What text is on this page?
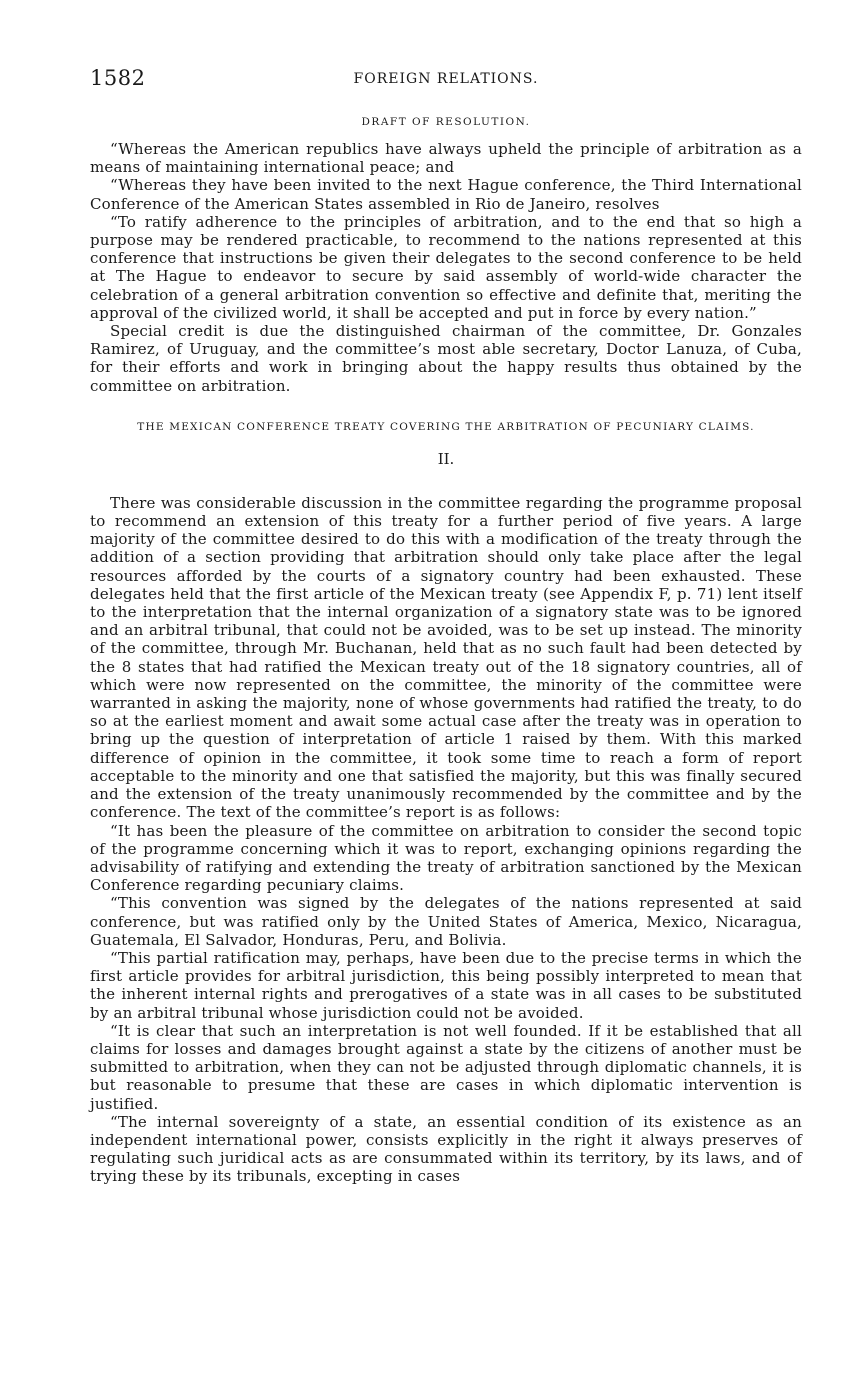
1582	FOREIGN RELATIONS.
DRAFT OF RESOLUTION.

“Whereas the American republics have always upheld the principle of arbitration as a means of maintaining international peace; and

“Whereas they have been invited to the next Hague conference, the Third International Conference of the American States assembled in Rio de Janeiro, resolves

“To ratify adherence to the principles of arbitration, and to the end that so high a purpose may be rendered practicable, to recommend to the nations represented at this conference that instructions be given their delegates to the second conference to be held at The Hague to endeavor to secure by said assembly of world-wide character the celebration of a general arbitration convention so effective and definite that, meriting the approval of the civilized world, it shall be accepted and put in force by every nation.”

Special credit is due the distinguished chairman of the committee, Dr. Gonzales Ramirez, of Uruguay, and the committee’s most able secretary, Doctor Lanuza, of Cuba, for their efforts and work in bringing about the happy results thus obtained by the committee on arbitration.

THE MEXICAN CONFERENCE TREATY COVERING THE ARBITRATION OF PECUNIARY CLAIMS.
II.

There was considerable discussion in the committee regarding the programme proposal to recommend an extension of this treaty for a further period of five years. A large majority of the committee desired to do this with a modification of the treaty through the addition of a section providing that arbitration should only take place after the legal resources afforded by the courts of a signatory country had been exhausted. These delegates held that the first article of the Mexican treaty (see Appendix F, p. 71) lent itself to the interpretation that the internal organization of a signatory state was to be ignored and an arbitral tribunal, that could not be avoided, was to be set up instead. The minority of the committee, through Mr. Buchanan, held that as no such fault had been detected by the 8 states that had ratified the Mexican treaty out of the 18 signatory countries, all of which were now represented on the committee, the minority of the committee were warranted in asking the majority, none of whose governments had ratified the treaty, to do so at the earliest moment and await some actual case after the treaty was in operation to bring up the question of interpretation of article 1 raised by them. With this marked difference of opinion in the committee, it took some time to reach a form of report acceptable to the minority and one that satisfied the majority, but this was finally secured and the extension of the treaty unanimously recommended by the committee and by the conference. The text of the committee’s report is as follows:

“It has been the pleasure of the committee on arbitration to consider the second topic of the programme concerning which it was to report, exchanging opinions regarding the advisability of ratifying and extending the treaty of arbitration sanctioned by the Mexican Conference regarding pecuniary claims.

“This convention was signed by the delegates of the nations represented at said conference, but was ratified only by the United States of America, Mexico, Nicaragua, Guatemala, El Salvador, Honduras, Peru, and Bolivia.

“This partial ratification may, perhaps, have been due to the precise terms in which the first article provides for arbitral jurisdiction, this being possibly interpreted to mean that the inherent internal rights and prerogatives of a state was in all cases to be substituted by an arbitral tribunal whose jurisdiction could not be avoided.

“It is clear that such an interpretation is not well founded. If it be established that all claims for losses and damages brought against a state by the citizens of another must be submitted to arbitration, when they can not be adjusted through diplomatic channels, it is but reasonable to presume that these are cases in which diplomatic intervention is justified.

“The internal sovereignty of a state, an essential condition of its existence as an independent international power, consists explicitly in the right it always preserves of regulating such juridical acts as are consummated within its territory, by its laws, and of trying these by its tribunals, excepting in cases
